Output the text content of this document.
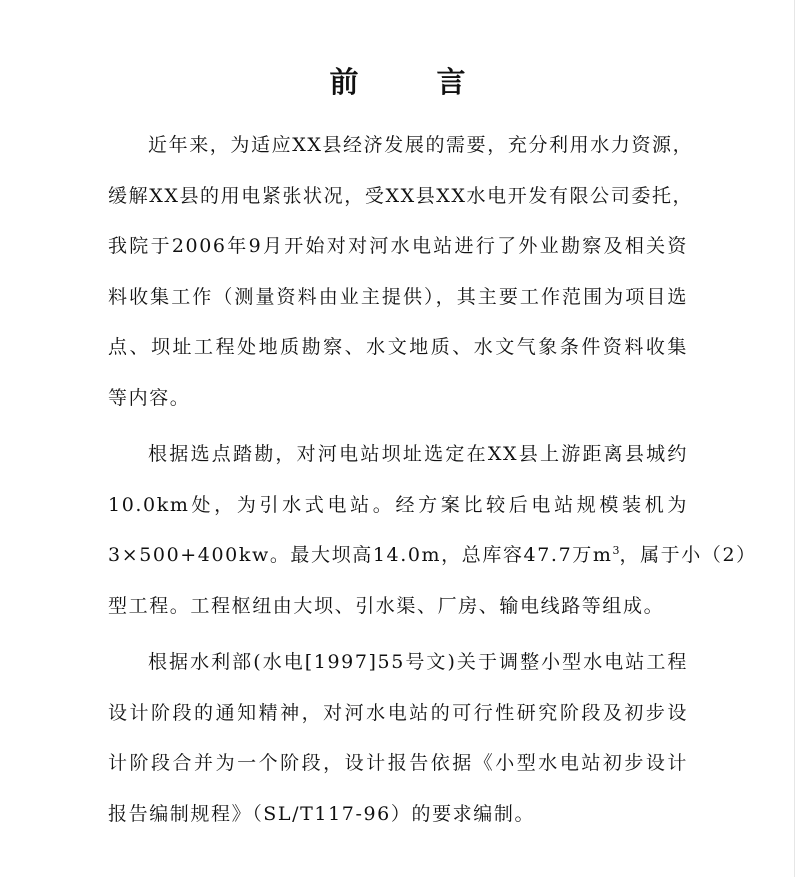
前	言
近年来，为适应XX县经济发展的需要，充分利用水力资源，
缓解XX县的用电紧张状况，受XX县XX水电开发有限公司委托，
我院于2006年9月开始对对河水电站进行了外业勘察及相关资
料收集工作（测量资料由业主提供），其主要工作范围为项目选
点、坝址工程处地质勘察、水文地质、水文气象条件资料收集
等内容。
根据选点踏勘，对河电站坝址选定在XX县上游距离县城约
10.0km处，为引水式电站。经方案比较后电站规模装机为
3×500+400kw。最大坝高14.0m，总库容47.7万$m^3$，属于小（2）
型工程。工程枢纽由大坝、引水渠、厂房、输电线路等组成。
根据水利部(水电[1997]55号文)关于调整小型水电站工程
设计阶段的通知精神，对河水电站的可行性研究阶段及初步设
计阶段合并为一个阶段，设计报告依据《小型水电站初步设计
报告编制规程》（SL/T117-96）的要求编制。
